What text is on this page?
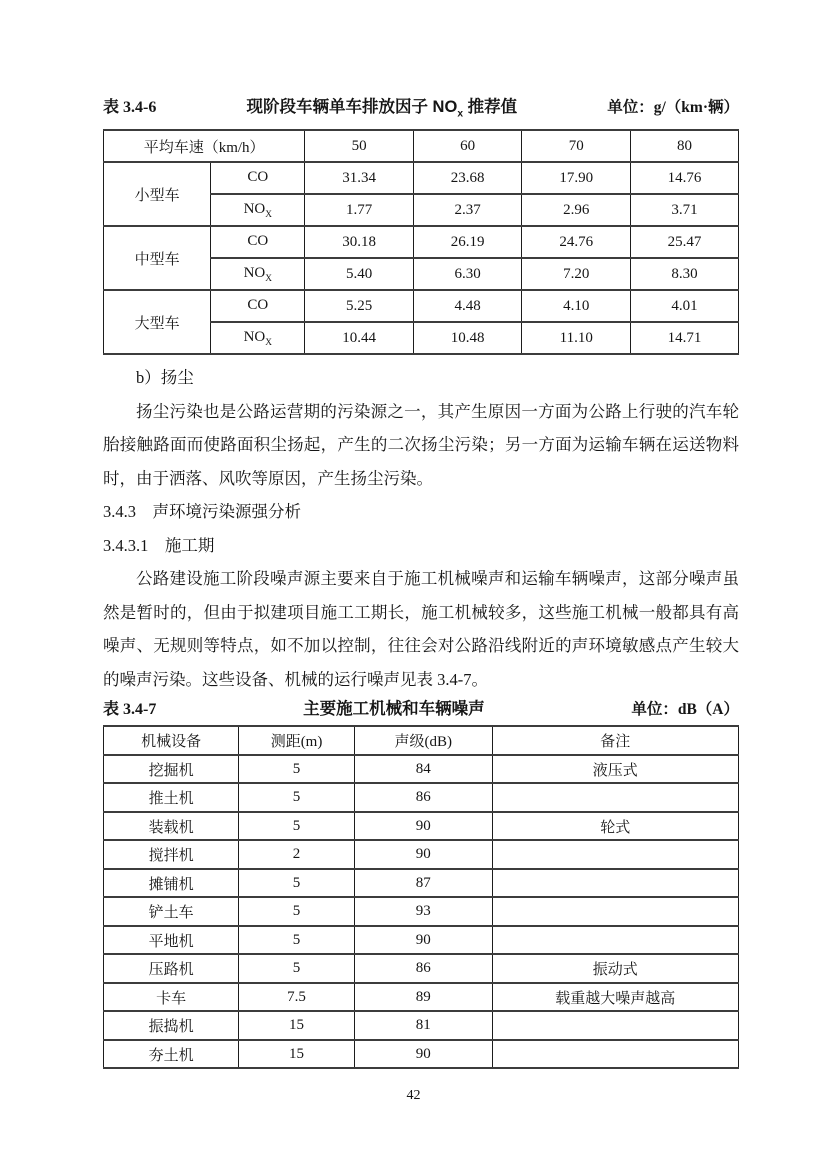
表 3.4-6	现阶段车辆单车排放因子 $NO_x$ 推荐值	单位：g/（km·辆）
平均车速（km/h）		50	60	70	80
小型车	CO	31.34	23.68	17.90	14.76
	$NO_X$	1.77	2.37	2.96	3.71
中型车	CO	30.18	26.19	24.76	25.47
	$NO_X$	5.40	6.30	7.20	8.30
大型车	CO	5.25	4.48	4.10	4.01
	$NO_X$	10.44	10.48	11.10	14.71

b）扬尘

扬尘污染也是公路运营期的污染源之一，其产生原因一方面为公路上行驶的汽车轮胎接触路面而使路面积尘扬起，产生的二次扬尘污染；另一方面为运输车辆在运送物料时，由于洒落、风吹等原因，产生扬尘污染。

3.4.3　声环境污染源强分析

3.4.3.1　施工期

公路建设施工阶段噪声源主要来自于施工机械噪声和运输车辆噪声，这部分噪声虽然是暂时的，但由于拟建项目施工工期长，施工机械较多，这些施工机械一般都具有高噪声、无规则等特点，如不加以控制，往往会对公路沿线附近的声环境敏感点产生较大的噪声污染。这些设备、机械的运行噪声见表 3.4-7。

表 3.4-7	主要施工机械和车辆噪声	单位：dB（A）
机械设备	测距(m)	声级(dB)	备注
挖掘机	5	84	液压式
推土机	5	86	
装载机	5	90	轮式
搅拌机	2	90	
摊铺机	5	87	
铲土车	5	93	
平地机	5	90	
压路机	5	86	振动式
卡车	7.5	89	载重越大噪声越高
振捣机	15	81	
夯土机	15	90	
42
